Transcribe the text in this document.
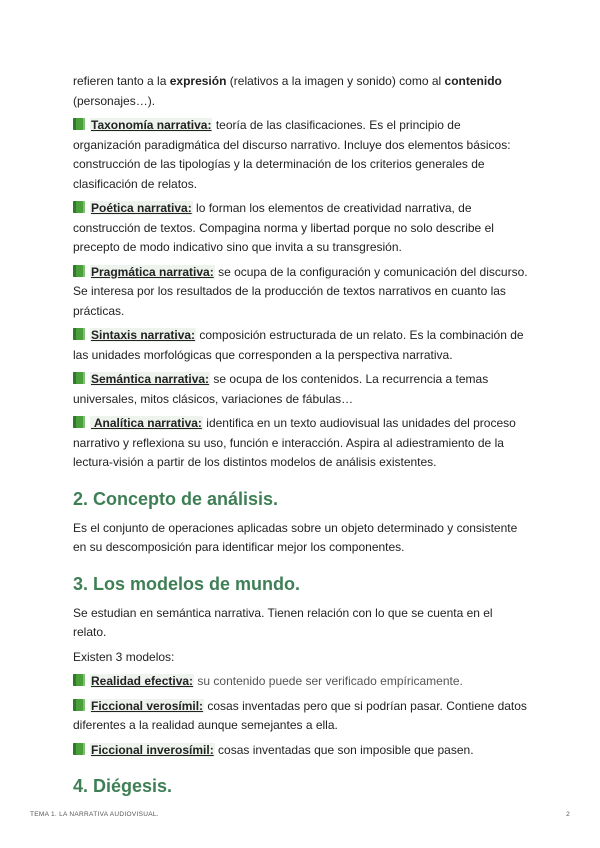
refieren tanto a la expresión (relativos a la imagen y sonido) como al contenido (personajes…).

Taxonomía narrativa: teoría de las clasificaciones. Es el principio de organización paradigmática del discurso narrativo. Incluye dos elementos básicos: construcción de las tipologías y la determinación de los criterios generales de clasificación de relatos.

Poética narrativa: lo forman los elementos de creatividad narrativa, de construcción de textos. Compagina norma y libertad porque no solo describe el precepto de modo indicativo sino que invita a su transgresión.

Pragmática narrativa: se ocupa de la configuración y comunicación del discurso. Se interesa por los resultados de la producción de textos narrativos en cuanto las prácticas.

Sintaxis narrativa: composición estructurada de un relato. Es la combinación de las unidades morfológicas que corresponden a la perspectiva narrativa.

Semántica narrativa: se ocupa de los contenidos. La recurrencia a temas universales, mitos clásicos, variaciones de fábulas…

Analítica narrativa: identifica en un texto audiovisual las unidades del proceso narrativo y reflexiona su uso, función e interacción. Aspira al adiestramiento de la lectura-visión a partir de los distintos modelos de análisis existentes.

2. Concepto de análisis.

Es el conjunto de operaciones aplicadas sobre un objeto determinado y consistente en su descomposición para identificar mejor los componentes.

3. Los modelos de mundo.

Se estudian en semántica narrativa. Tienen relación con lo que se cuenta en el relato.

Existen 3 modelos:

Realidad efectiva: su contenido puede ser verificado empíricamente.

Ficcional verosímil: cosas inventadas pero que si podrían pasar. Contiene datos diferentes a la realidad aunque semejantes a ella.

Ficcional inverosímil: cosas inventadas que son imposible que pasen.

4. Diégesis.
TEMA 1. LA NARRATIVA AUDIOVISUAL.	2
